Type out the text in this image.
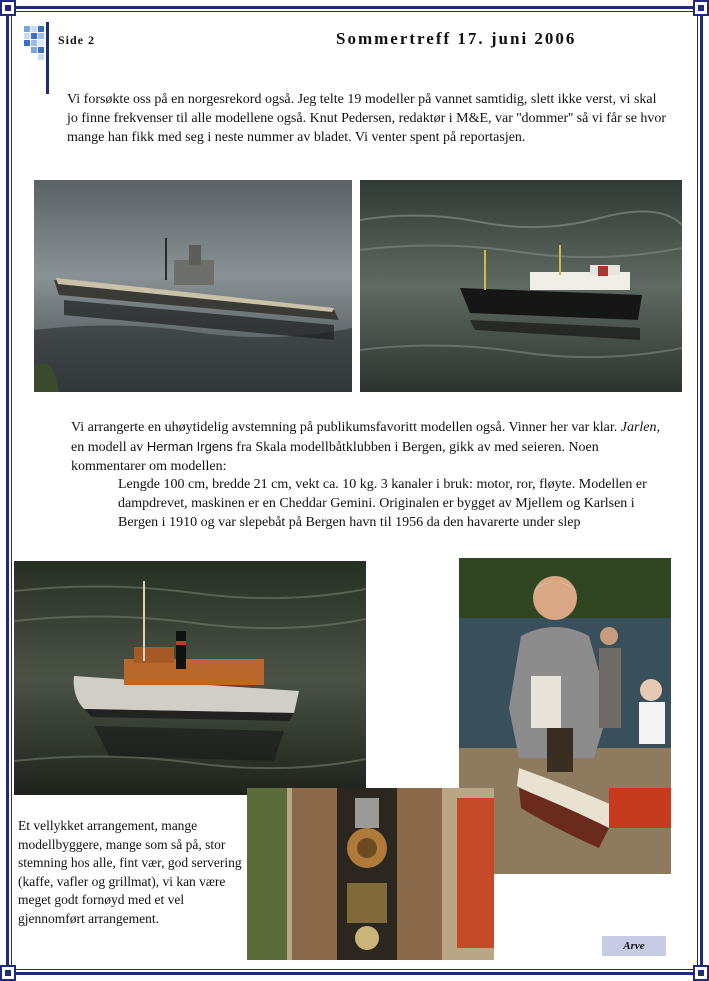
Side 2	Sommertreff 17. juni 2006
Vi forsøkte oss på en norgesrekord også. Jeg telte 19 modeller på vannet samtidig, slett ikke verst, vi skal jo finne frekvenser til alle modellene også. Knut Pedersen, redaktør i M&E, var ''dommer'' så vi får se hvor mange han fikk med seg i neste nummer av bladet. Vi venter spent på reportasjen.
Vi arrangerte en uhøytidelig avstemning på publikumsfavoritt modellen også. Vinner her var klar. Jarlen, en modell av Herman Irgens fra Skala modellbåtklubben i Bergen, gikk av med seieren. Noen kommentarer om modellen:
Lengde 100 cm, bredde 21 cm, vekt ca. 10 kg. 3 kanaler i bruk: motor, ror, fløyte. Modellen er dampdrevet, maskinen er en Cheddar Gemini. Originalen er bygget av Mjellem og Karlsen i Bergen i 1910 og var slepebåt på Bergen havn til 1956 da den havarerte under slep
Et vellykket arrangement, mange modellbyggere, mange som så på, stor stemning hos alle, fint vær, god servering (kaffe, vafler og grillmat), vi kan være meget godt fornøyd med et vel gjennomført arrangement.
Arve
